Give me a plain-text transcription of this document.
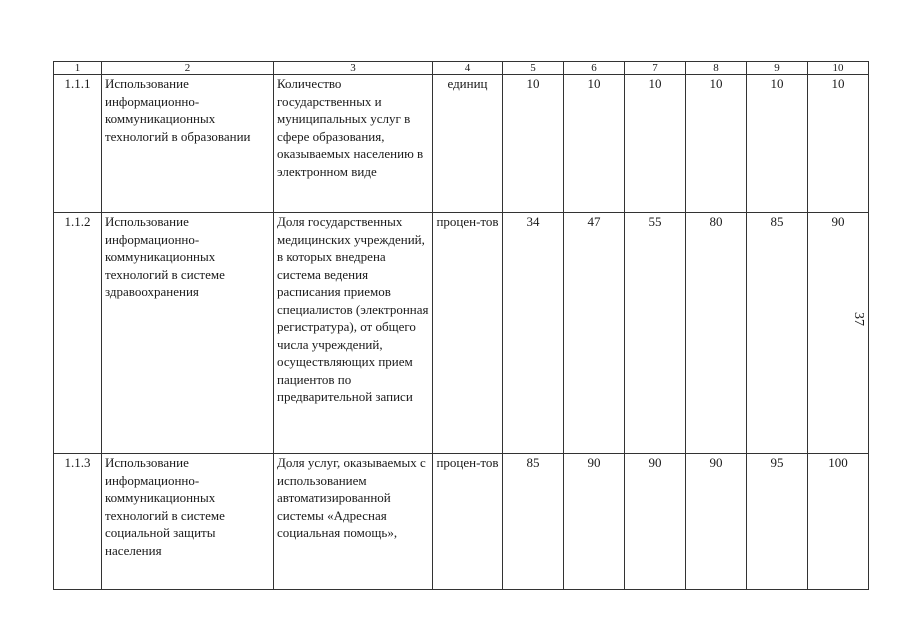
1	2	3	4	5	6	7	8	9	10
1.1.1	Использование информационно-коммуникационных технологий в образовании	Количество государственных и муниципальных услуг в сфере образования, оказываемых населению в электронном виде	единиц	10	10	10	10	10	10
1.1.2	Использование информационно-коммуникационных технологий в системе здравоохранения	Доля государственных медицинских учреждений, в которых внедрена система ведения расписания приемов специалистов (электронная регистратура), от общего числа учреждений, осуществляющих прием пациентов по предварительной записи	процен-тов	34	47	55	80	85	90
1.1.3	Использование информационно-коммуникационных технологий в системе социальной защиты населения	Доля услуг, оказываемых с использованием автоматизированной системы «Адресная социальная помощь»,	процен-тов	85	90	90	90	95	100
37
